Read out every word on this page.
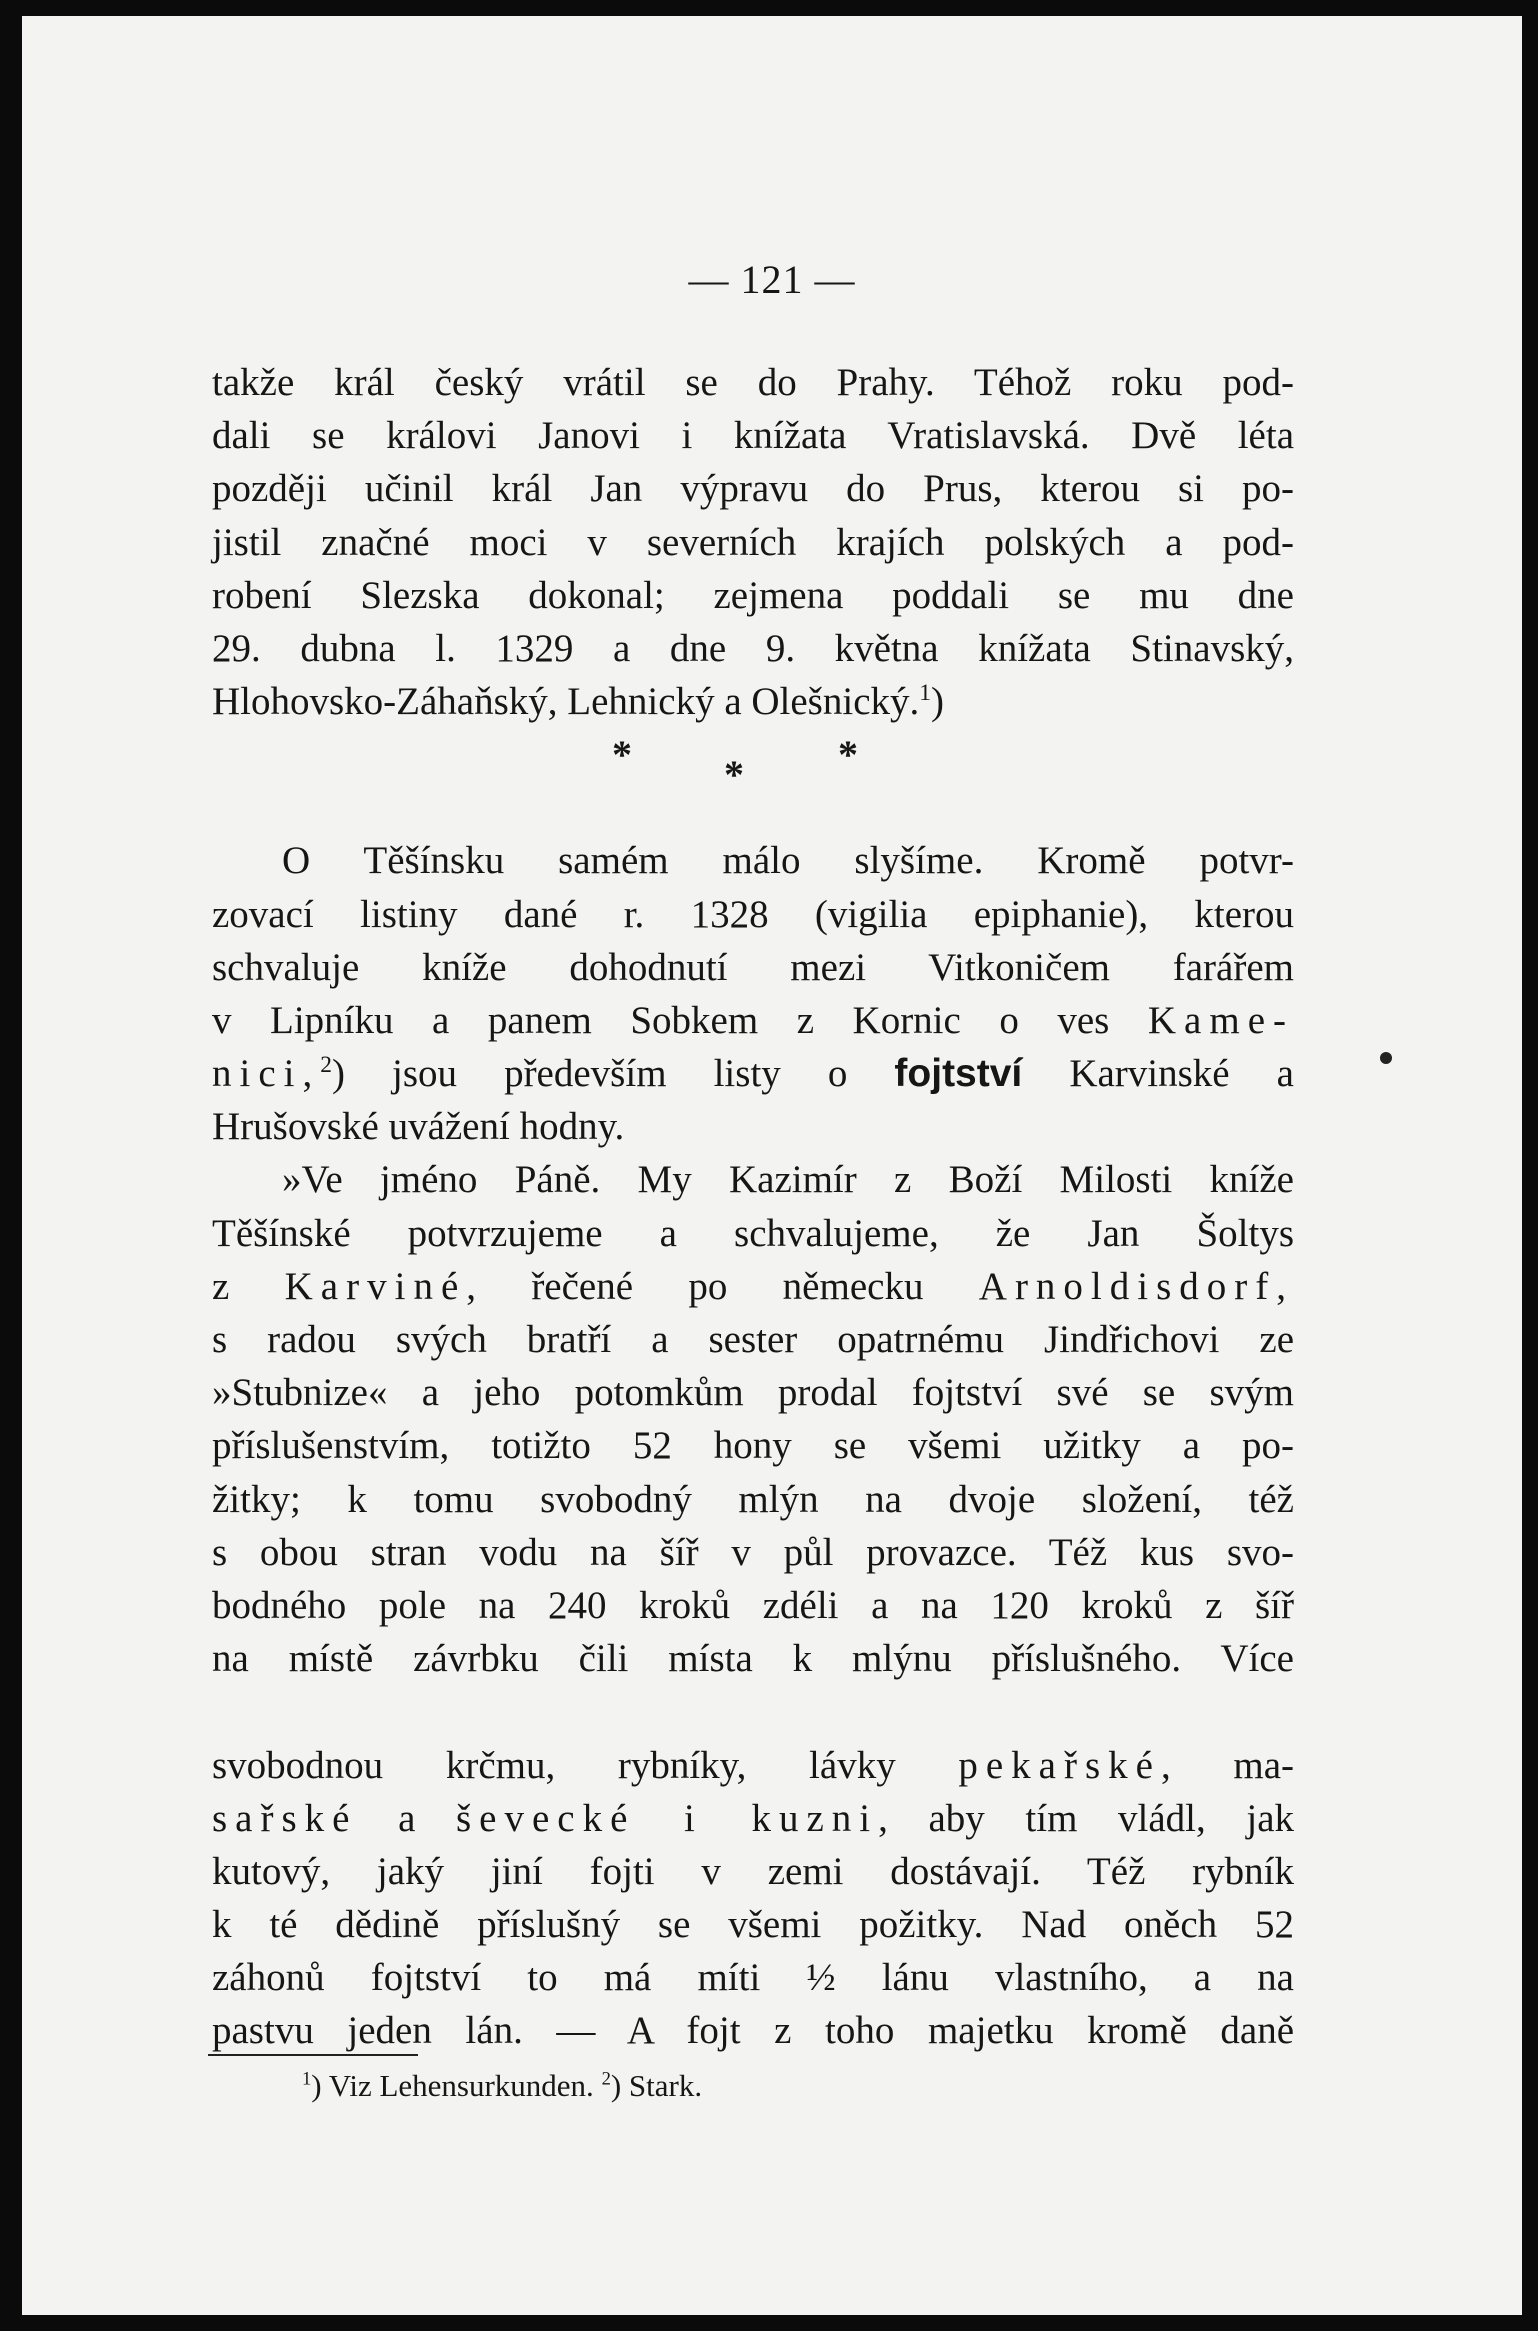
— 121 —
takže král český vrátil se do Prahy. Téhož roku pod-
dali se královi Janovi i knížata Vratislavská. Dvě léta
později učinil král Jan výpravu do Prus, kterou si po-
jistil značné moci v severních krajích polských a pod-
robení Slezska dokonal; zejmena poddali se mu dne
29. dubna l. 1329 a dne 9. května knížata Stinavský,
Hlohovsko-Záhaňský, Lehnický a Olešnický.$^1$)
* * *
O Těšínsku samém málo slyšíme. Kromě potvr-
zovací listiny dané r. 1328 (vigilia epiphanie), kterou
schvaluje kníže dohodnutí mezi Vitkoničem farářem
v Lipníku a panem Sobkem z Kornic o ves Kame-
nici,$^2$) jsou především listy o fojtství Karvinské a
Hrušovské uvážení hodny.
»Ve jméno Páně. My Kazimír z Boží Milosti kníže
Těšínské potvrzujeme a schvalujeme, že Jan Šoltys
z Karviné, řečené po německu Arnoldisdorf,
s radou svých bratří a sester opatrnému Jindřichovi ze
»Stubnize« a jeho potomkům prodal fojtství své se svým
příslušenstvím, totižto 52 hony se všemi užitky a po-
žitky; k tomu svobodný mlýn na dvoje složení, též
s obou stran vodu na šíř v půl provazce. Též kus svo-
bodného pole na 240 kroků zdéli a na 120 kroků z šíř
na místě závrbku čili místa k mlýnu příslušného. Více
svobodnou krčmu, rybníky, lávky pekařské, ma-
sařské a ševecké i kuzni, aby tím vládl, jak
kutový, jaký jiní fojti v zemi dostávají. Též rybník
k té dědině příslušný se všemi požitky. Nad oněch 52
záhonů fojtství to má míti ½ lánu vlastního, a na
pastvu jeden lán. — A fojt z toho majetku kromě daně
$^1$) Viz Lehensurkunden. $^2$) Stark.
